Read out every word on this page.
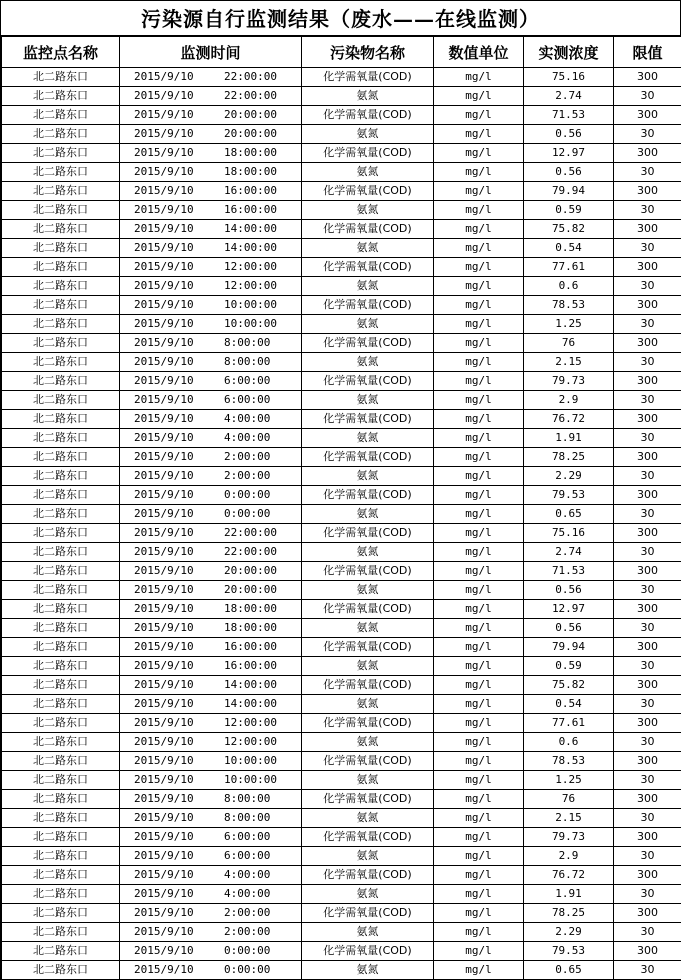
污染源自行监测结果（废水——在线监测）
监控点名称	监测时间	污染物名称	数值单位	实测浓度	限值
北二路东口	2015/9/10 22:00:00	化学需氧量(COD)	mg/l	75.16	300
北二路东口	2015/9/10 22:00:00	氨氮	mg/l	2.74	30
北二路东口	2015/9/10 20:00:00	化学需氧量(COD)	mg/l	71.53	300
北二路东口	2015/9/10 20:00:00	氨氮	mg/l	0.56	30
北二路东口	2015/9/10 18:00:00	化学需氧量(COD)	mg/l	12.97	300
北二路东口	2015/9/10 18:00:00	氨氮	mg/l	0.56	30
北二路东口	2015/9/10 16:00:00	化学需氧量(COD)	mg/l	79.94	300
北二路东口	2015/9/10 16:00:00	氨氮	mg/l	0.59	30
北二路东口	2015/9/10 14:00:00	化学需氧量(COD)	mg/l	75.82	300
北二路东口	2015/9/10 14:00:00	氨氮	mg/l	0.54	30
北二路东口	2015/9/10 12:00:00	化学需氧量(COD)	mg/l	77.61	300
北二路东口	2015/9/10 12:00:00	氨氮	mg/l	0.6	30
北二路东口	2015/9/10 10:00:00	化学需氧量(COD)	mg/l	78.53	300
北二路东口	2015/9/10 10:00:00	氨氮	mg/l	1.25	30
北二路东口	2015/9/10 8:00:00	化学需氧量(COD)	mg/l	76	300
北二路东口	2015/9/10 8:00:00	氨氮	mg/l	2.15	30
北二路东口	2015/9/10 6:00:00	化学需氧量(COD)	mg/l	79.73	300
北二路东口	2015/9/10 6:00:00	氨氮	mg/l	2.9	30
北二路东口	2015/9/10 4:00:00	化学需氧量(COD)	mg/l	76.72	300
北二路东口	2015/9/10 4:00:00	氨氮	mg/l	1.91	30
北二路东口	2015/9/10 2:00:00	化学需氧量(COD)	mg/l	78.25	300
北二路东口	2015/9/10 2:00:00	氨氮	mg/l	2.29	30
北二路东口	2015/9/10 0:00:00	化学需氧量(COD)	mg/l	79.53	300
北二路东口	2015/9/10 0:00:00	氨氮	mg/l	0.65	30
北二路东口	2015/9/10 22:00:00	化学需氧量(COD)	mg/l	75.16	300
北二路东口	2015/9/10 22:00:00	氨氮	mg/l	2.74	30
北二路东口	2015/9/10 20:00:00	化学需氧量(COD)	mg/l	71.53	300
北二路东口	2015/9/10 20:00:00	氨氮	mg/l	0.56	30
北二路东口	2015/9/10 18:00:00	化学需氧量(COD)	mg/l	12.97	300
北二路东口	2015/9/10 18:00:00	氨氮	mg/l	0.56	30
北二路东口	2015/9/10 16:00:00	化学需氧量(COD)	mg/l	79.94	300
北二路东口	2015/9/10 16:00:00	氨氮	mg/l	0.59	30
北二路东口	2015/9/10 14:00:00	化学需氧量(COD)	mg/l	75.82	300
北二路东口	2015/9/10 14:00:00	氨氮	mg/l	0.54	30
北二路东口	2015/9/10 12:00:00	化学需氧量(COD)	mg/l	77.61	300
北二路东口	2015/9/10 12:00:00	氨氮	mg/l	0.6	30
北二路东口	2015/9/10 10:00:00	化学需氧量(COD)	mg/l	78.53	300
北二路东口	2015/9/10 10:00:00	氨氮	mg/l	1.25	30
北二路东口	2015/9/10 8:00:00	化学需氧量(COD)	mg/l	76	300
北二路东口	2015/9/10 8:00:00	氨氮	mg/l	2.15	30
北二路东口	2015/9/10 6:00:00	化学需氧量(COD)	mg/l	79.73	300
北二路东口	2015/9/10 6:00:00	氨氮	mg/l	2.9	30
北二路东口	2015/9/10 4:00:00	化学需氧量(COD)	mg/l	76.72	300
北二路东口	2015/9/10 4:00:00	氨氮	mg/l	1.91	30
北二路东口	2015/9/10 2:00:00	化学需氧量(COD)	mg/l	78.25	300
北二路东口	2015/9/10 2:00:00	氨氮	mg/l	2.29	30
北二路东口	2015/9/10 0:00:00	化学需氧量(COD)	mg/l	79.53	300
北二路东口	2015/9/10 0:00:00	氨氮	mg/l	0.65	30
